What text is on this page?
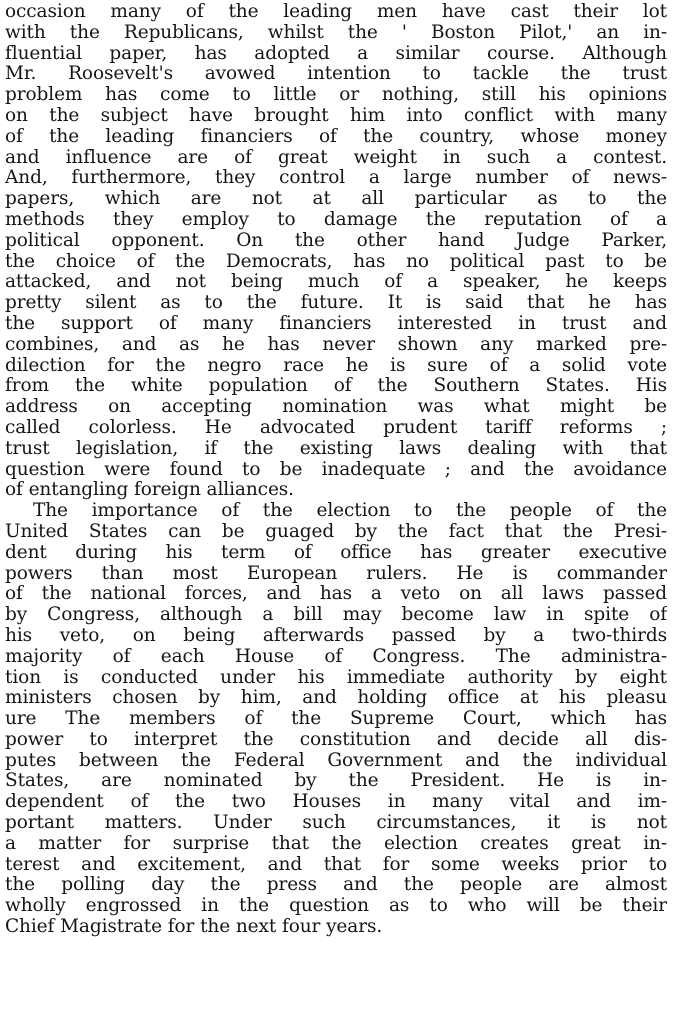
occasion many of the leading men have cast their lot
with the Republicans, whilst the ' Boston Pilot,' an in-
fluential paper, has adopted a similar course. Although
Mr. Roosevelt's avowed intention to tackle the trust
problem has come to little or nothing, still his opinions
on the subject have brought him into conflict with many
of the leading financiers of the country, whose money
and influence are of great weight in such a contest.
And, furthermore, they control a large number of news-
papers, which are not at all particular as to the
methods they employ to damage the reputation of a
political opponent. On the other hand Judge Parker,
the choice of the Democrats, has no political past to be
attacked, and not being much of a speaker, he keeps
pretty silent as to the future. It is said that he has
the support of many financiers interested in trust and
combines, and as he has never shown any marked pre-
dilection for the negro race he is sure of a solid vote
from the white population of the Southern States. His
address on accepting nomination was what might be
called colorless. He advocated prudent tariff reforms ;
trust legislation, if the existing laws dealing with that
question were found to be inadequate ; and the avoidance
of entangling foreign alliances.
The importance of the election to the people of the
United States can be guaged by the fact that the Presi-
dent during his term of office has greater executive
powers than most European rulers. He is commander
of the national forces, and has a veto on all laws passed
by Congress, although a bill may become law in spite of
his veto, on being afterwards passed by a two-thirds
majority of each House of Congress. The administra-
tion is conducted under his immediate authority by eight
ministers chosen by him, and holding office at his pleasu
ure The members of the Supreme Court, which has
power to interpret the constitution and decide all dis-
putes between the Federal Government and the individual
States, are nominated by the President. He is in-
dependent of the two Houses in many vital and im-
portant matters. Under such circumstances, it is not
a matter for surprise that the election creates great in-
terest and excitement, and that for some weeks prior to
the polling day the press and the people are almost
wholly engrossed in the question as to who will be their
Chief Magistrate for the next four years.
